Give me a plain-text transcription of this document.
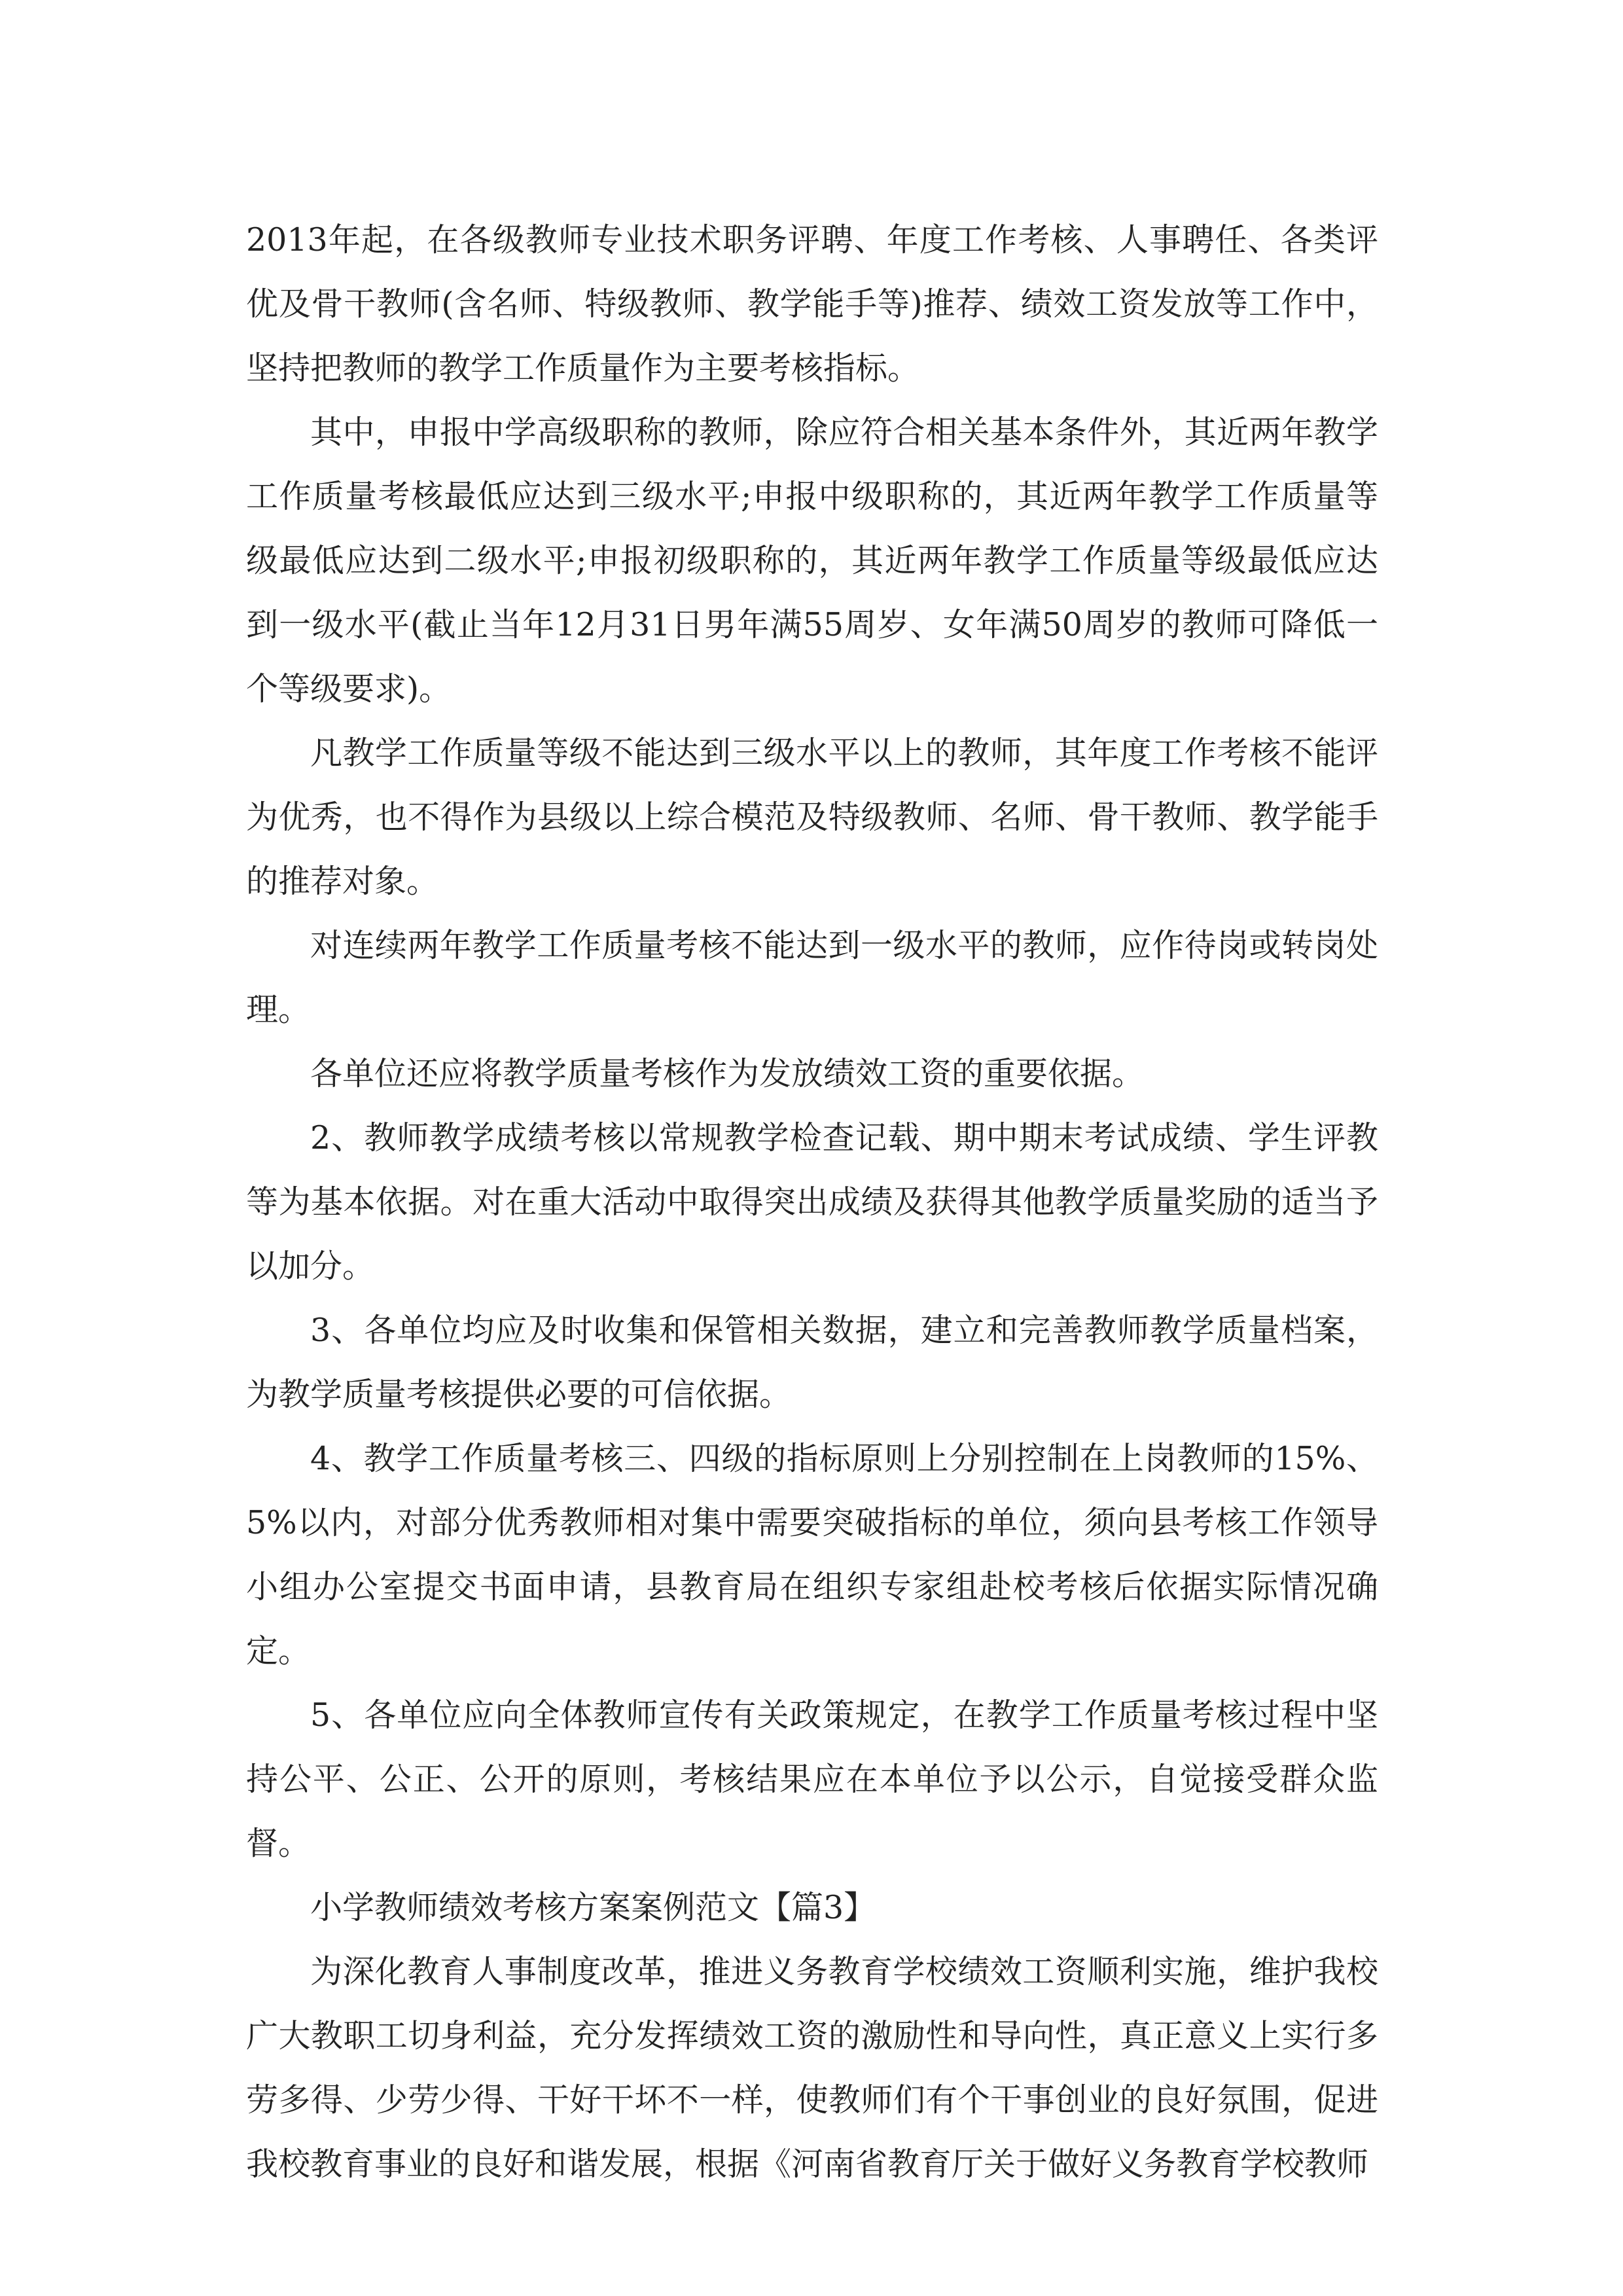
2013年起，在各级教师专业技术职务评聘、年度工作考核、人事聘任、各类评优及骨干教师(含名师、特级教师、教学能手等)推荐、绩效工资发放等工作中，坚持把教师的教学工作质量作为主要考核指标。

其中，申报中学高级职称的教师，除应符合相关基本条件外，其近两年教学工作质量考核最低应达到三级水平;申报中级职称的，其近两年教学工作质量等级最低应达到二级水平;申报初级职称的，其近两年教学工作质量等级最低应达到一级水平(截止当年12月31日男年满55周岁、女年满50周岁的教师可降低一个等级要求)。

凡教学工作质量等级不能达到三级水平以上的教师，其年度工作考核不能评为优秀，也不得作为县级以上综合模范及特级教师、名师、骨干教师、教学能手的推荐对象。

对连续两年教学工作质量考核不能达到一级水平的教师，应作待岗或转岗处理。

各单位还应将教学质量考核作为发放绩效工资的重要依据。

2、教师教学成绩考核以常规教学检查记载、期中期末考试成绩、学生评教等为基本依据。对在重大活动中取得突出成绩及获得其他教学质量奖励的适当予以加分。

3、各单位均应及时收集和保管相关数据，建立和完善教师教学质量档案，为教学质量考核提供必要的可信依据。

4、教学工作质量考核三、四级的指标原则上分别控制在上岗教师的15%、5%以内，对部分优秀教师相对集中需要突破指标的单位，须向县考核工作领导小组办公室提交书面申请，县教育局在组织专家组赴校考核后依据实际情况确定。

5、各单位应向全体教师宣传有关政策规定，在教学工作质量考核过程中坚持公平、公正、公开的原则，考核结果应在本单位予以公示，自觉接受群众监督。

小学教师绩效考核方案案例范文【篇3】

为深化教育人事制度改革，推进义务教育学校绩效工资顺利实施，维护我校广大教职工切身利益，充分发挥绩效工资的激励性和导向性，真正意义上实行多劳多得、少劳少得、干好干坏不一样，使教师们有个干事创业的良好氛围，促进我校教育事业的良好和谐发展，根据《河南省教育厅关于做好义务教育学校教师
